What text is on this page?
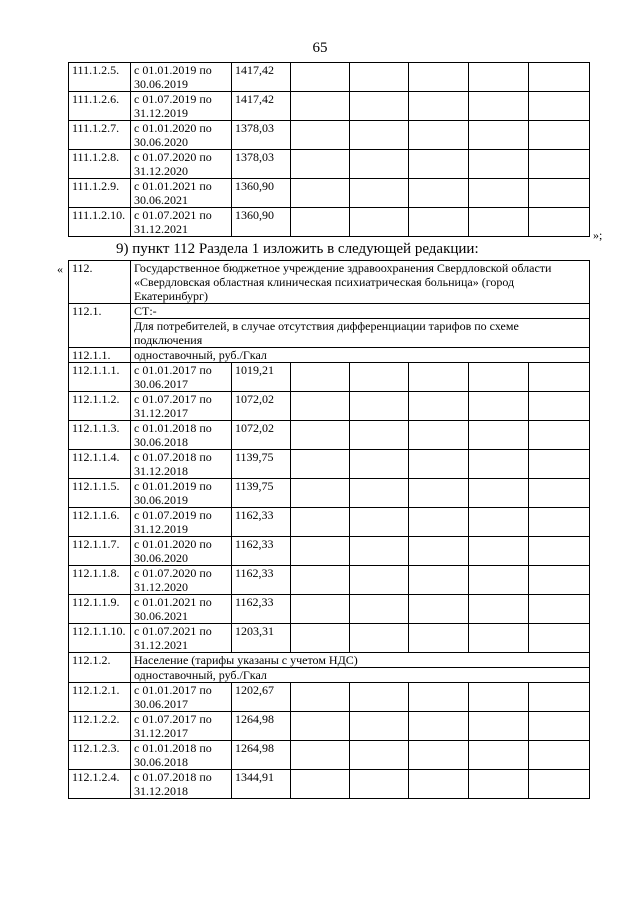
65
111.1.2.5.	с 01.01.2019 по
30.06.2019	1417,42					
111.1.2.6.	с 01.07.2019 по
31.12.2019	1417,42					
111.1.2.7.	с 01.01.2020 по
30.06.2020	1378,03					
111.1.2.8.	с 01.07.2020 по
31.12.2020	1378,03					
111.1.2.9.	с 01.01.2021 по
30.06.2021	1360,90					
111.1.2.10.	с 01.07.2021 по
31.12.2021	1360,90					
»;
9) пункт 112 Раздела 1 изложить в следующей редакции:
« 112.	Государственное бюджетное учреждение здравоохранения Свердловской области «Свердловская областная клиническая психиатрическая больница» (город Екатеринбург)						
112.1.	СТ:-						
	Для потребителей, в случае отсутствия дифференциации тарифов по схеме подключения						
112.1.1.	одноставочный, руб./Гкал						
112.1.1.1.	с 01.01.2017 по
30.06.2017	1019,21					
112.1.1.2.	с 01.07.2017 по
31.12.2017	1072,02					
112.1.1.3.	с 01.01.2018 по
30.06.2018	1072,02					
112.1.1.4.	с 01.07.2018 по
31.12.2018	1139,75					
112.1.1.5.	с 01.01.2019 по
30.06.2019	1139,75					
112.1.1.6.	с 01.07.2019 по
31.12.2019	1162,33					
112.1.1.7.	с 01.01.2020 по
30.06.2020	1162,33					
112.1.1.8.	с 01.07.2020 по
31.12.2020	1162,33					
112.1.1.9.	с 01.01.2021 по
30.06.2021	1162,33					
112.1.1.10.	с 01.07.2021 по
31.12.2021	1203,31					
112.1.2.	Население (тарифы указаны с учетом НДС)						
	одноставочный, руб./Гкал						
112.1.2.1.	с 01.01.2017 по
30.06.2017	1202,67					
112.1.2.2.	с 01.07.2017 по
31.12.2017	1264,98					
112.1.2.3.	с 01.01.2018 по
30.06.2018	1264,98					
112.1.2.4.	с 01.07.2018 по
31.12.2018	1344,91					
